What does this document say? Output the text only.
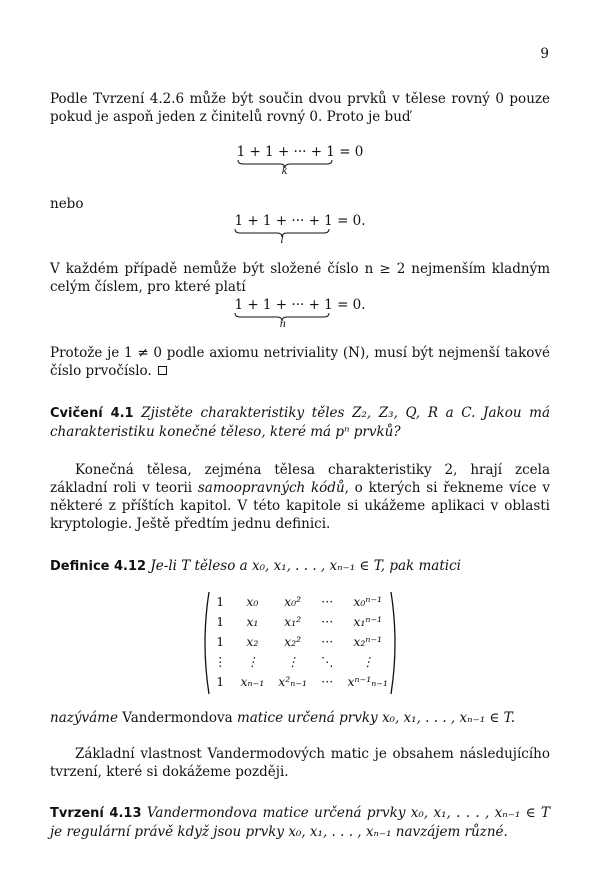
9
Podle Tvrzení 4.2.6 může být součin dvou prvků v tělese rovný 0 pouze pokud je aspoň jeden z činitelů rovný 0. Proto je buď
1 + 1 + ··· + 1 = 0
k
nebo
1 + 1 + ··· + 1 = 0.
l
V každém případě nemůže být složené číslo n ≥ 2 nejmenším kladným celým číslem, pro které platí
1 + 1 + ··· + 1 = 0.
n
Protože je 1 ≠ 0 podle axiomu netriviality (N), musí být nejmenší takové číslo prvočíslo.
Cvičení 4.1 Zjistěte charakteristiky těles Z₂, Z₃, Q, R a C. Jakou má charakteristiku konečné těleso, které má pⁿ prvků?
Konečná tělesa, zejména tělesa charakteristiky 2, hrají zcela základní roli v teorii samoopravných kódů, o kterých si řekneme více v některé z příštích kapitol. V této kapitole si ukážeme aplikaci v oblasti kryptologie. Ještě předtím jednu definici.
Definice 4.12 Je-li T těleso a x₀, x₁, . . . , xₙ₋₁ ∈ T, pak matici
1	x₀	x₀²	···	x₀ⁿ⁻¹
1	x₁	x₁²	···	x₁ⁿ⁻¹
1	x₂	x₂²	···	x₂ⁿ⁻¹
⋮	⋮	⋮	⋱	⋮
1	xₙ₋₁	x²ₙ₋₁	···	xⁿ⁻¹ₙ₋₁
nazýváme Vandermondova matice určená prvky x₀, x₁, . . . , xₙ₋₁ ∈ T.
Základní vlastnost Vandermodových matic je obsahem následujícího tvrzení, které si dokážeme později.
Tvrzení 4.13 Vandermondova matice určená prvky x₀, x₁, . . . , xₙ₋₁ ∈ T je regulární právě když jsou prvky x₀, x₁, . . . , xₙ₋₁ navzájem různé.
